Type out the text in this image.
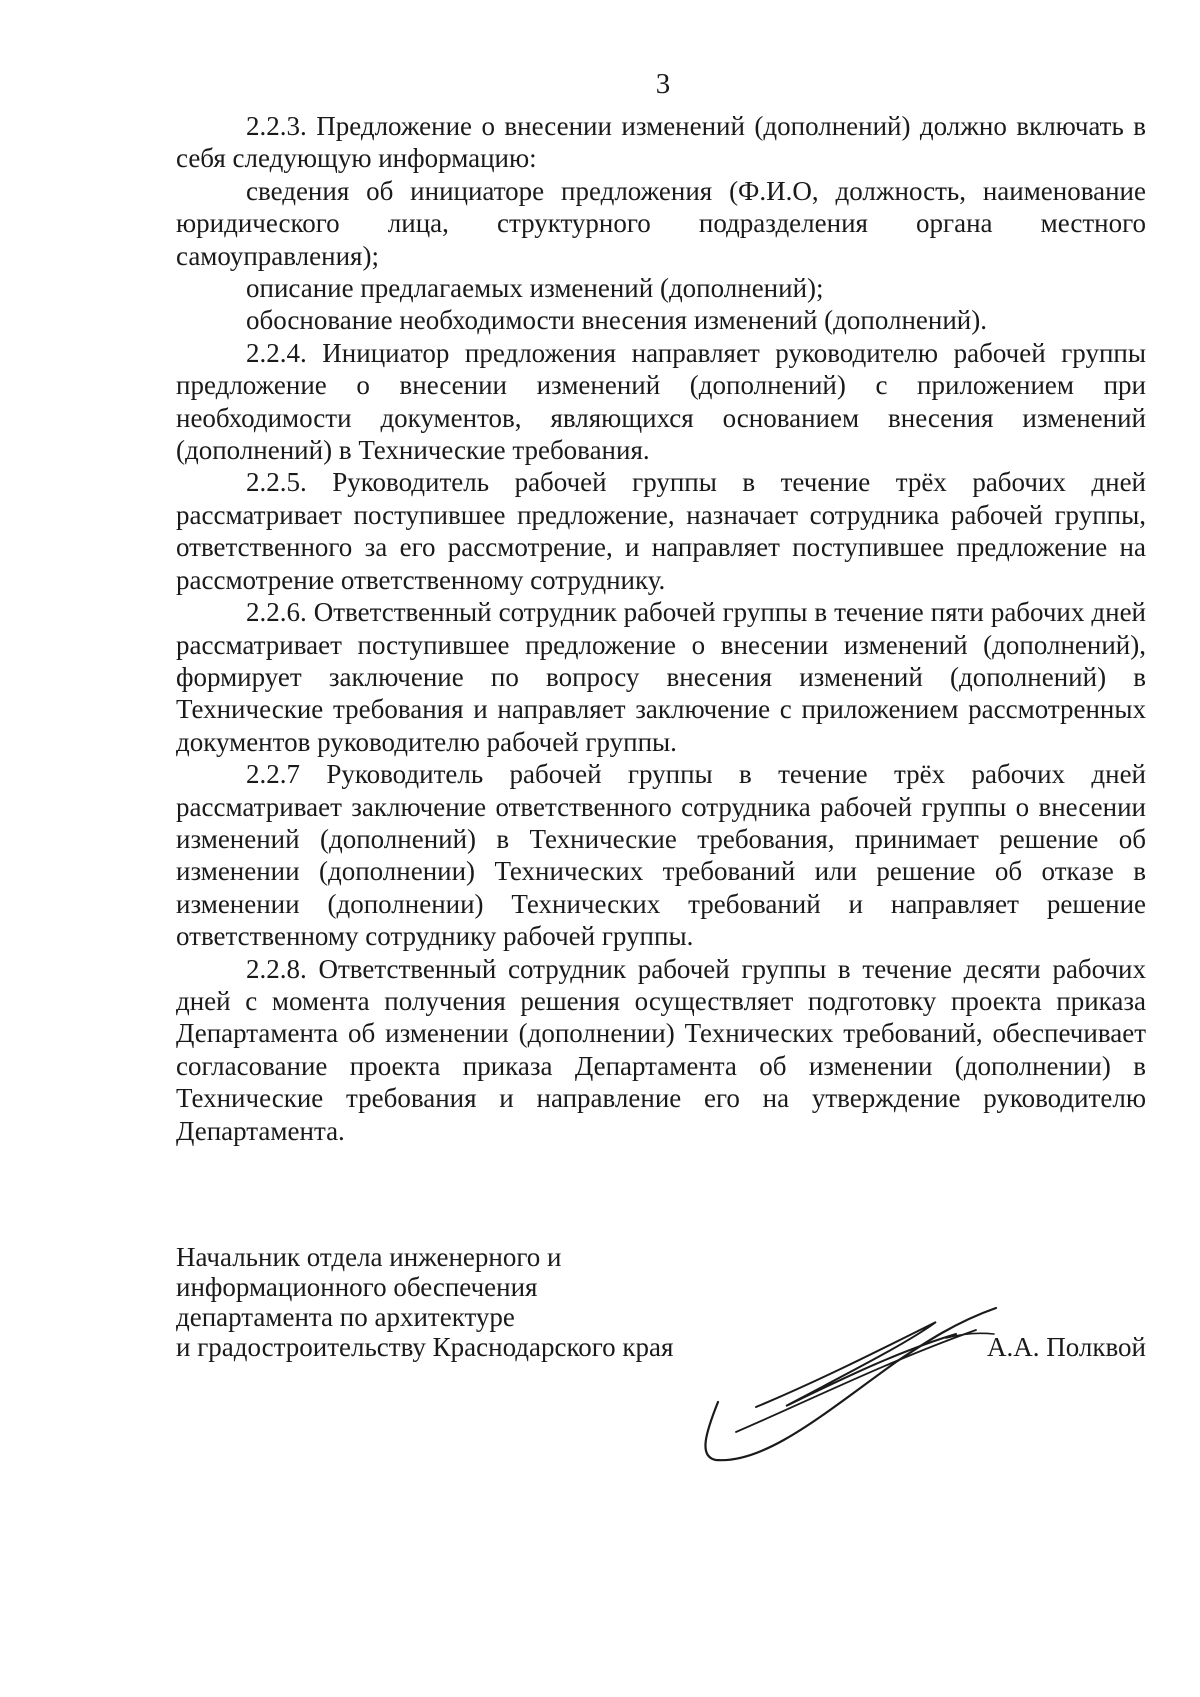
3

2.2.3. Предложение о внесении изменений (дополнений) должно включать в себя следующую информацию:

сведения об инициаторе предложения (Ф.И.О, должность, наименование юридического лица, структурного подразделения органа местного самоуправления);

описание предлагаемых изменений (дополнений);

обоснование необходимости внесения изменений (дополнений).

2.2.4. Инициатор предложения направляет руководителю рабочей группы предложение о внесении изменений (дополнений) с приложением при необходимости документов, являющихся основанием внесения изменений (дополнений) в Технические требования.

2.2.5. Руководитель рабочей группы в течение трёх рабочих дней рассматривает поступившее предложение, назначает сотрудника рабочей группы, ответственного за его рассмотрение, и направляет поступившее предложение на рассмотрение ответственному сотруднику.

2.2.6. Ответственный сотрудник рабочей группы в течение пяти рабочих дней рассматривает поступившее предложение о внесении изменений (дополнений), формирует заключение по вопросу внесения изменений (дополнений) в Технические требования и направляет заключение с приложением рассмотренных документов руководителю рабочей группы.

2.2.7 Руководитель рабочей группы в течение трёх рабочих дней рассматривает заключение ответственного сотрудника рабочей группы о внесении изменений (дополнений) в Технические требования, принимает решение об изменении (дополнении) Технических требований или решение об отказе в изменении (дополнении) Технических требований и направляет решение ответственному сотруднику рабочей группы.

2.2.8. Ответственный сотрудник рабочей группы в течение десяти рабочих дней с момента получения решения осуществляет подготовку проекта приказа Департамента об изменении (дополнении) Технических требований, обеспечивает согласование проекта приказа Департамента об изменении (дополнении) в Технические требования и направление его на утверждение руководителю Департамента.

Начальник отдела инженерного и
информационного обеспечения
департамента по архитектуре
и градостроительству Краснодарского края	А.А. Полквой
